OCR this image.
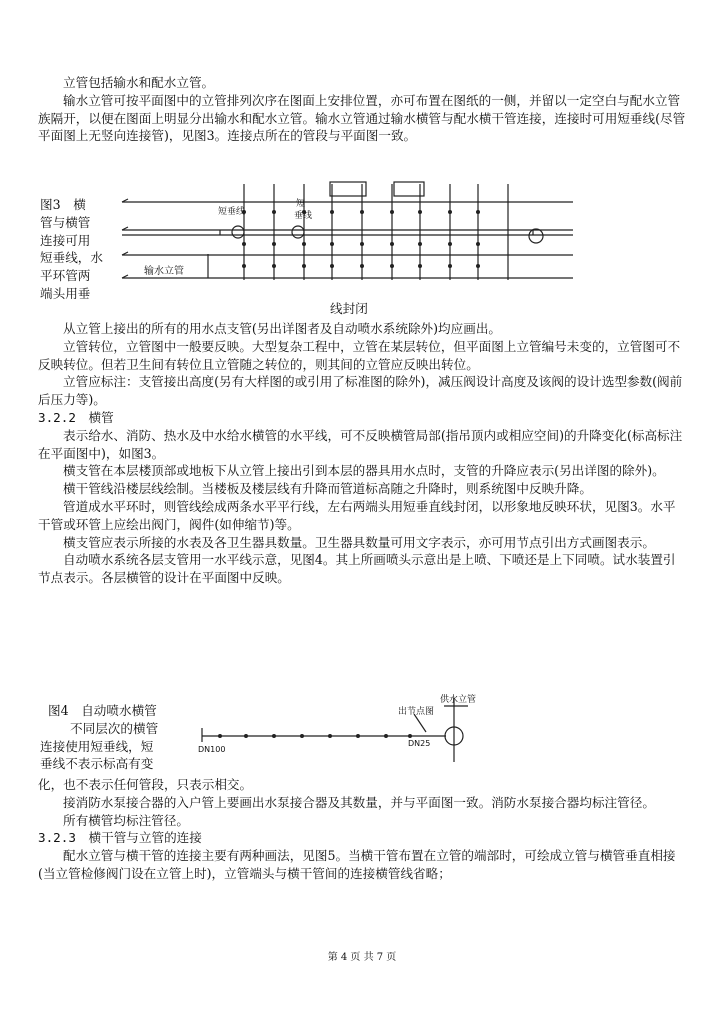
立管包括输水和配水立管。

输水立管可按平面图中的立管排列次序在图面上安排位置，亦可布置在图纸的一侧，并留以一定空白与配水立管族隔开，以便在图面上明显分出输水和配水立管。输水立管通过输水横管与配水横干管连接，连接时可用短垂线(尽管平面图上无竖向连接管)，见图3。连接点所在的管段与平面图一致。

图3　横

管与横管

连接可用

短垂线，水

平环管两

端头用垂

短垂线
短
垂线
输水立管

线封闭

从立管上接出的所有的用水点支管(另出详图者及自动喷水系统除外)均应画出。

立管转位，立管图中一般要反映。大型复杂工程中，立管在某层转位，但平面图上立管编号未变的，立管图可不反映转位。但若卫生间有转位且立管随之转位的，则其间的立管应反映出转位。

立管应标注：支管接出高度(另有大样图的或引用了标准图的除外)，减压阀设计高度及该阀的设计选型参数(阀前后压力等)。

3.2.2　横管

表示给水、消防、热水及中水给水横管的水平线，可不反映横管局部(指吊顶内或相应空间)的升降变化(标高标注在平面图中)，如图3。

横支管在本层楼顶部或地板下从立管上接出引到本层的器具用水点时，支管的升降应表示(另出详图的除外)。

横干管线沿楼层线绘制。当楼板及楼层线有升降而管道标高随之升降时，则系统图中反映升降。

管道成水平环时，则管线绘成两条水平平行线，左右两端头用短垂直线封闭，以形象地反映环状，见图3。水平干管或环管上应绘出阀门，阀件(如伸缩节)等。

横支管应表示所接的水表及各卫生器具数量。卫生器具数量可用文字表示，亦可用节点引出方式画图表示。

自动喷水系统各层支管用一水平线示意，见图4。其上所画喷头示意出是上喷、下喷还是上下同喷。试水装置引节点表示。各层横管的设计在平面图中反映。

图4　自动喷水横管

不同层次的横管

连接使用短垂线，短

垂线不表示标高有变

DN100
DN25
出节点图
供水立管

化，也不表示任何管段，只表示相交。

接消防水泵接合器的入户管上要画出水泵接合器及其数量，并与平面图一致。消防水泵接合器均标注管径。

所有横管均标注管径。

3.2.3　横干管与立管的连接

配水立管与横干管的连接主要有两种画法，见图5。当横干管布置在立管的端部时，可绘成立管与横管垂直相接(当立管检修阀门设在立管上时)，立管端头与横干管间的连接横管线省略；

第 4 页 共 7 页
